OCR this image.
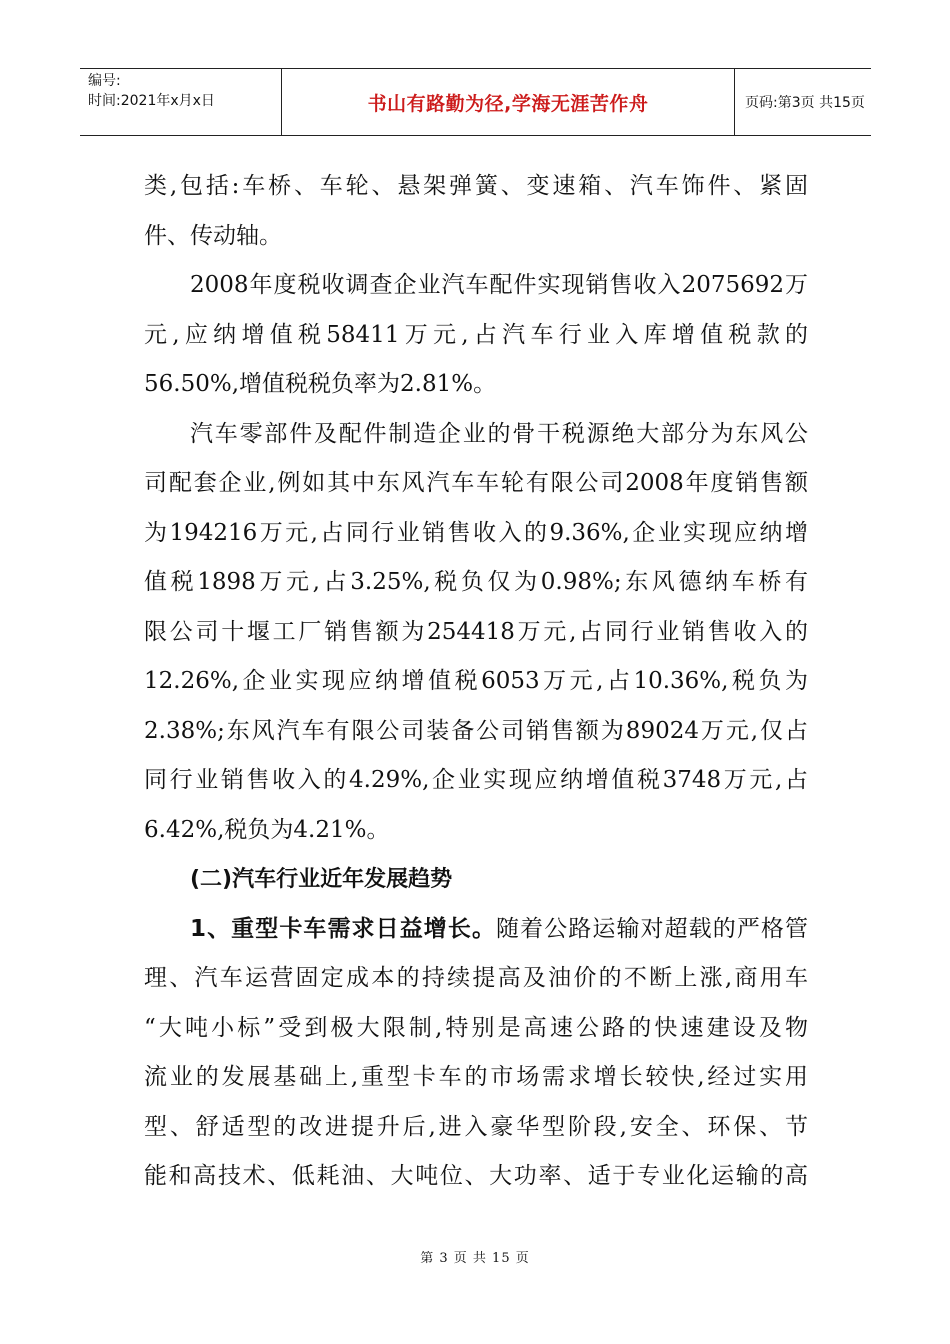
编号:
时间:2021年x月x日	书山有路勤为径,学海无涯苦作舟	页码:第3页 共15页
类,包括:车桥、车轮、悬架弹簧、变速箱、汽车饰件、紧固
件、传动轴。
2008年度税收调查企业汽车配件实现销售收入2075692万
元,应纳增值税58411万元,占汽车行业入库增值税款的
56.50%,增值税税负率为2.81%。
汽车零部件及配件制造企业的骨干税源绝大部分为东风公
司配套企业,例如其中东风汽车车轮有限公司2008年度销售额
为194216万元,占同行业销售收入的9.36%,企业实现应纳增
值税1898万元,占3.25%,税负仅为0.98%;东风德纳车桥有
限公司十堰工厂销售额为254418万元,占同行业销售收入的
12.26%,企业实现应纳增值税6053万元,占10.36%,税负为
2.38%;东风汽车有限公司装备公司销售额为89024万元,仅占
同行业销售收入的4.29%,企业实现应纳增值税3748万元,占
6.42%,税负为4.21%。
(二)汽车行业近年发展趋势
1、重型卡车需求日益增长。随着公路运输对超载的严格管
理、汽车运营固定成本的持续提高及油价的不断上涨,商用车
“大吨小标”受到极大限制,特别是高速公路的快速建设及物
流业的发展基础上,重型卡车的市场需求增长较快,经过实用
型、舒适型的改进提升后,进入豪华型阶段,安全、环保、节
能和高技术、低耗油、大吨位、大功率、适于专业化运输的高
第 3 页 共 15 页
